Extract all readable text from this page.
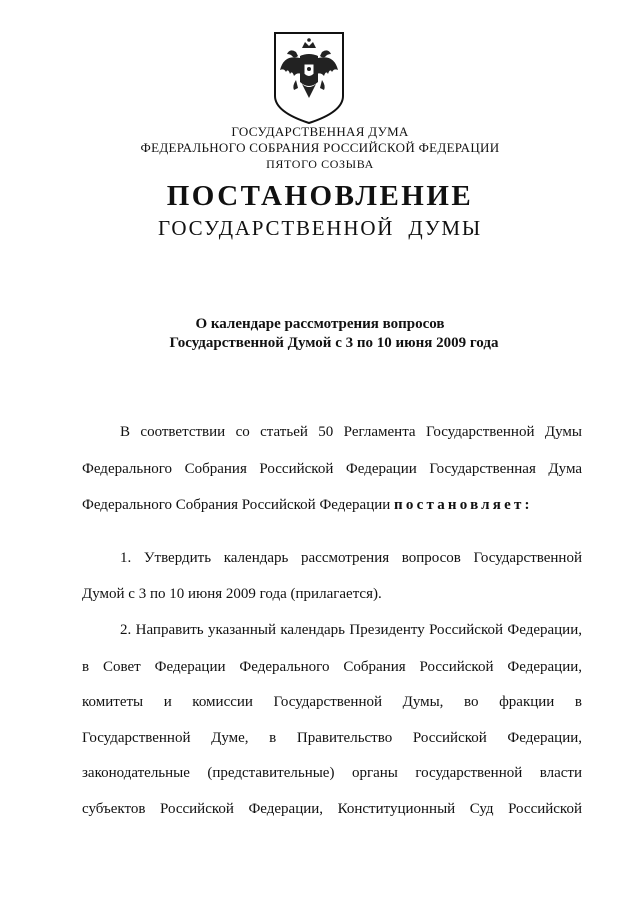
ГОСУДАРСТВЕННАЯ ДУМА
ФЕДЕРАЛЬНОГО СОБРАНИЯ РОССИЙСКОЙ ФЕДЕРАЦИИ
ПЯТОГО СОЗЫВА
ПОСТАНОВЛЕНИЕ
ГОСУДАРСТВЕННОЙ  ДУМЫ
О календаре рассмотрения вопросов
Государственной Думой с 3 по 10 июня 2009 года
В соответствии со статьей 50 Регламента Государственной Думы
Федерального Собрания Российской Федерации Государственная Дума
Федерального Собрания Российской Федерации постановляет:
1. Утвердить календарь рассмотрения вопросов Государственной
Думой с 3 по 10 июня 2009 года (прилагается).
2. Направить указанный календарь Президенту Российской Федерации,
в Совет Федерации Федерального Собрания Российской Федерации,
комитеты и комиссии Государственной Думы, во фракции в
Государственной Думе, в Правительство Российской Федерации,
законодательные (представительные) органы государственной власти
субъектов Российской Федерации, Конституционный Суд Российской
